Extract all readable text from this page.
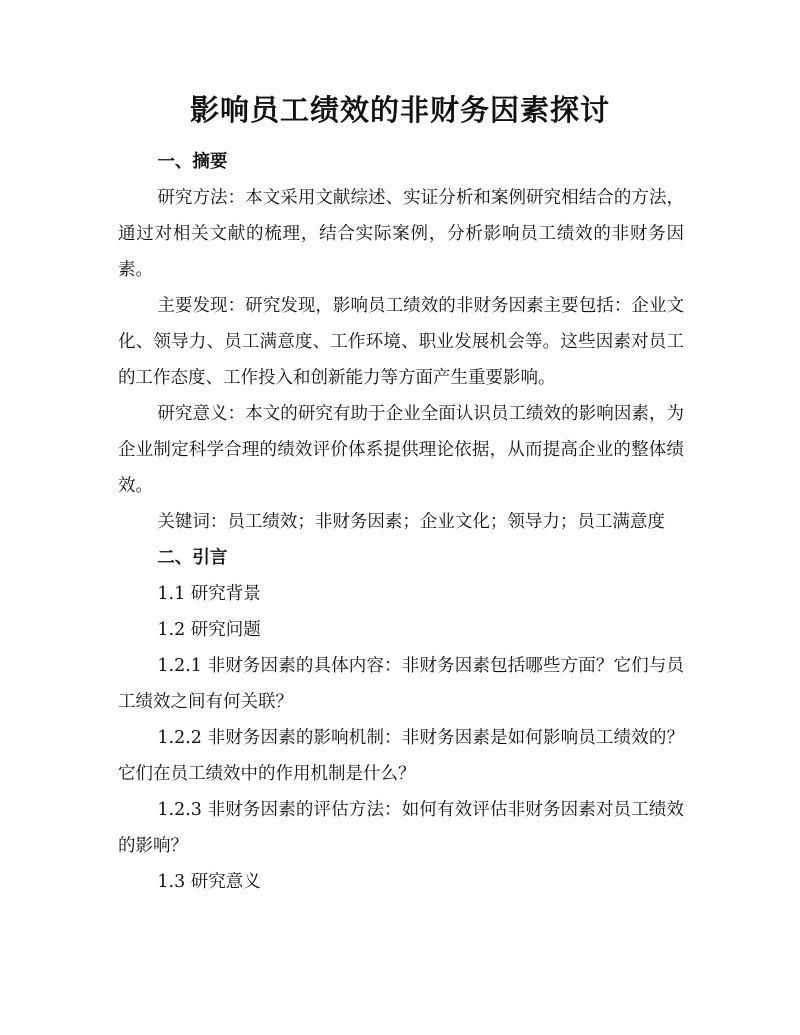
影响员工绩效的非财务因素探讨
一、摘要

研究方法：本文采用文献综述、实证分析和案例研究相结合的方法，通过对相关文献的梳理，结合实际案例，分析影响员工绩效的非财务因素。

主要发现：研究发现，影响员工绩效的非财务因素主要包括：企业文化、领导力、员工满意度、工作环境、职业发展机会等。这些因素对员工的工作态度、工作投入和创新能力等方面产生重要影响。

研究意义：本文的研究有助于企业全面认识员工绩效的影响因素，为企业制定科学合理的绩效评价体系提供理论依据，从而提高企业的整体绩效。

关键词：员工绩效；非财务因素；企业文化；领导力；员工满意度

二、引言

1.1 研究背景

1.2 研究问题

1.2.1 非财务因素的具体内容：非财务因素包括哪些方面？它们与员工绩效之间有何关联？

1.2.2 非财务因素的影响机制：非财务因素是如何影响员工绩效的？它们在员工绩效中的作用机制是什么？

1.2.3 非财务因素的评估方法：如何有效评估非财务因素对员工绩效的影响？

1.3 研究意义
